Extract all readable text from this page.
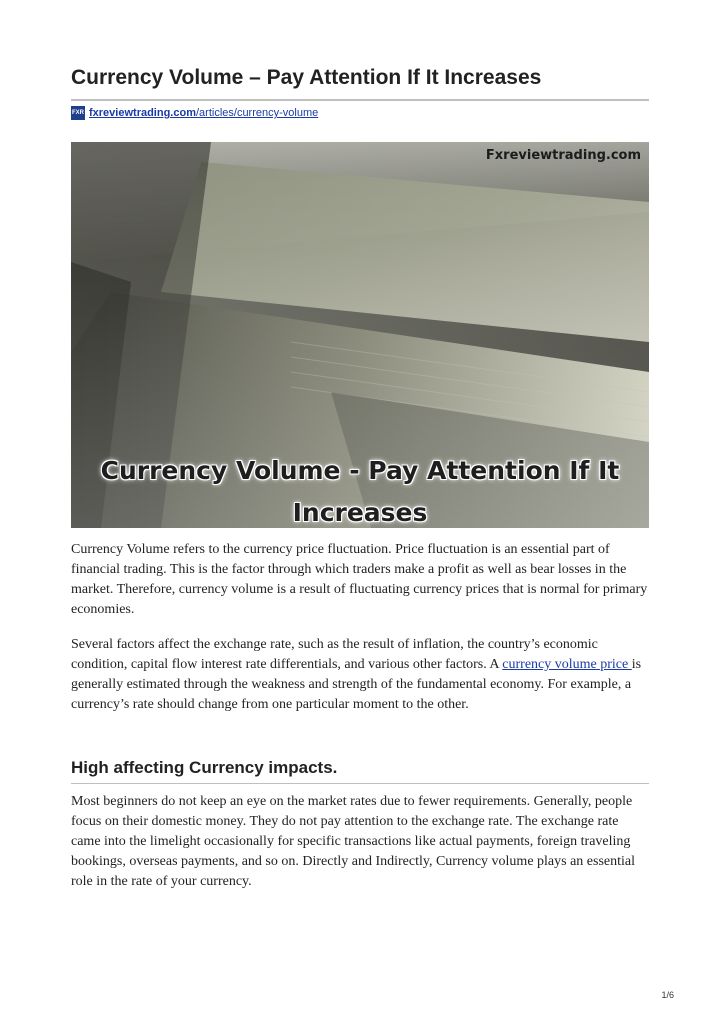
Currency Volume – Pay Attention If It Increases
FXR fxreviewtrading.com/articles/currency-volume
Fxreviewtrading.com
Currency Volume - Pay Attention If It
Increases

Currency Volume refers to the currency price fluctuation. Price fluctuation is an essential part of financial trading. This is the factor through which traders make a profit as well as bear losses in the market. Therefore, currency volume is a result of fluctuating currency prices that is normal for primary economies.

Several factors affect the exchange rate, such as the result of inflation, the country’s economic condition, capital flow interest rate differentials, and various other factors. A currency volume price is generally estimated through the weakness and strength of the fundamental economy. For example, a currency’s rate should change from one particular moment to the other.

High affecting Currency impacts.

Most beginners do not keep an eye on the market rates due to fewer requirements. Generally, people focus on their domestic money. They do not pay attention to the exchange rate. The exchange rate came into the limelight occasionally for specific transactions like actual payments, foreign traveling bookings, overseas payments, and so on. Directly and Indirectly, Currency volume plays an essential role in the rate of your currency.

1/6
